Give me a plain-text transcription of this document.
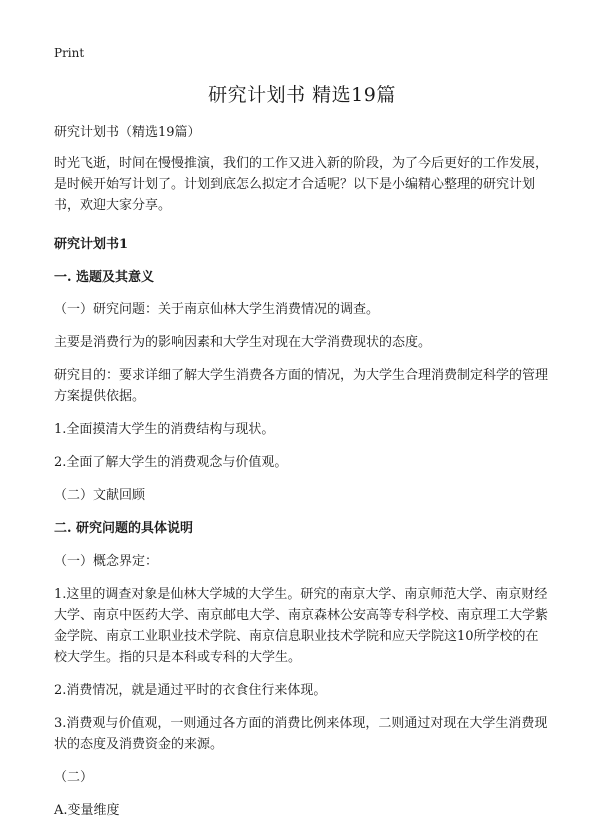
Print
研究计划书 精选19篇

研究计划书（精选19篇）

时光飞逝，时间在慢慢推演，我们的工作又进入新的阶段，为了今后更好的工作发展，是时候开始写计划了。计划到底怎么拟定才合适呢？以下是小编精心整理的研究计划书，欢迎大家分享。

研究计划书1

一. 选题及其意义

（一）研究问题：关于南京仙林大学生消费情况的调查。

主要是消费行为的影响因素和大学生对现在大学消费现状的态度。

研究目的：要求详细了解大学生消费各方面的情况，为大学生合理消费制定科学的管理方案提供依据。

1.全面摸清大学生的消费结构与现状。

2.全面了解大学生的消费观念与价值观。

（二）文献回顾

二. 研究问题的具体说明

（一）概念界定：

1.这里的调查对象是仙林大学城的大学生。研究的南京大学、南京师范大学、南京财经大学、南京中医药大学、南京邮电大学、南京森林公安高等专科学校、南京理工大学紫金学院、南京工业职业技术学院、南京信息职业技术学院和应天学院这10所学校的在校大学生。指的只是本科或专科的大学生。

2.消费情况，就是通过平时的衣食住行来体现。

3.消费观与价值观，一则通过各方面的消费比例来体现，二则通过对现在大学生消费现状的态度及消费资金的来源。

（二）

A.变量维度
